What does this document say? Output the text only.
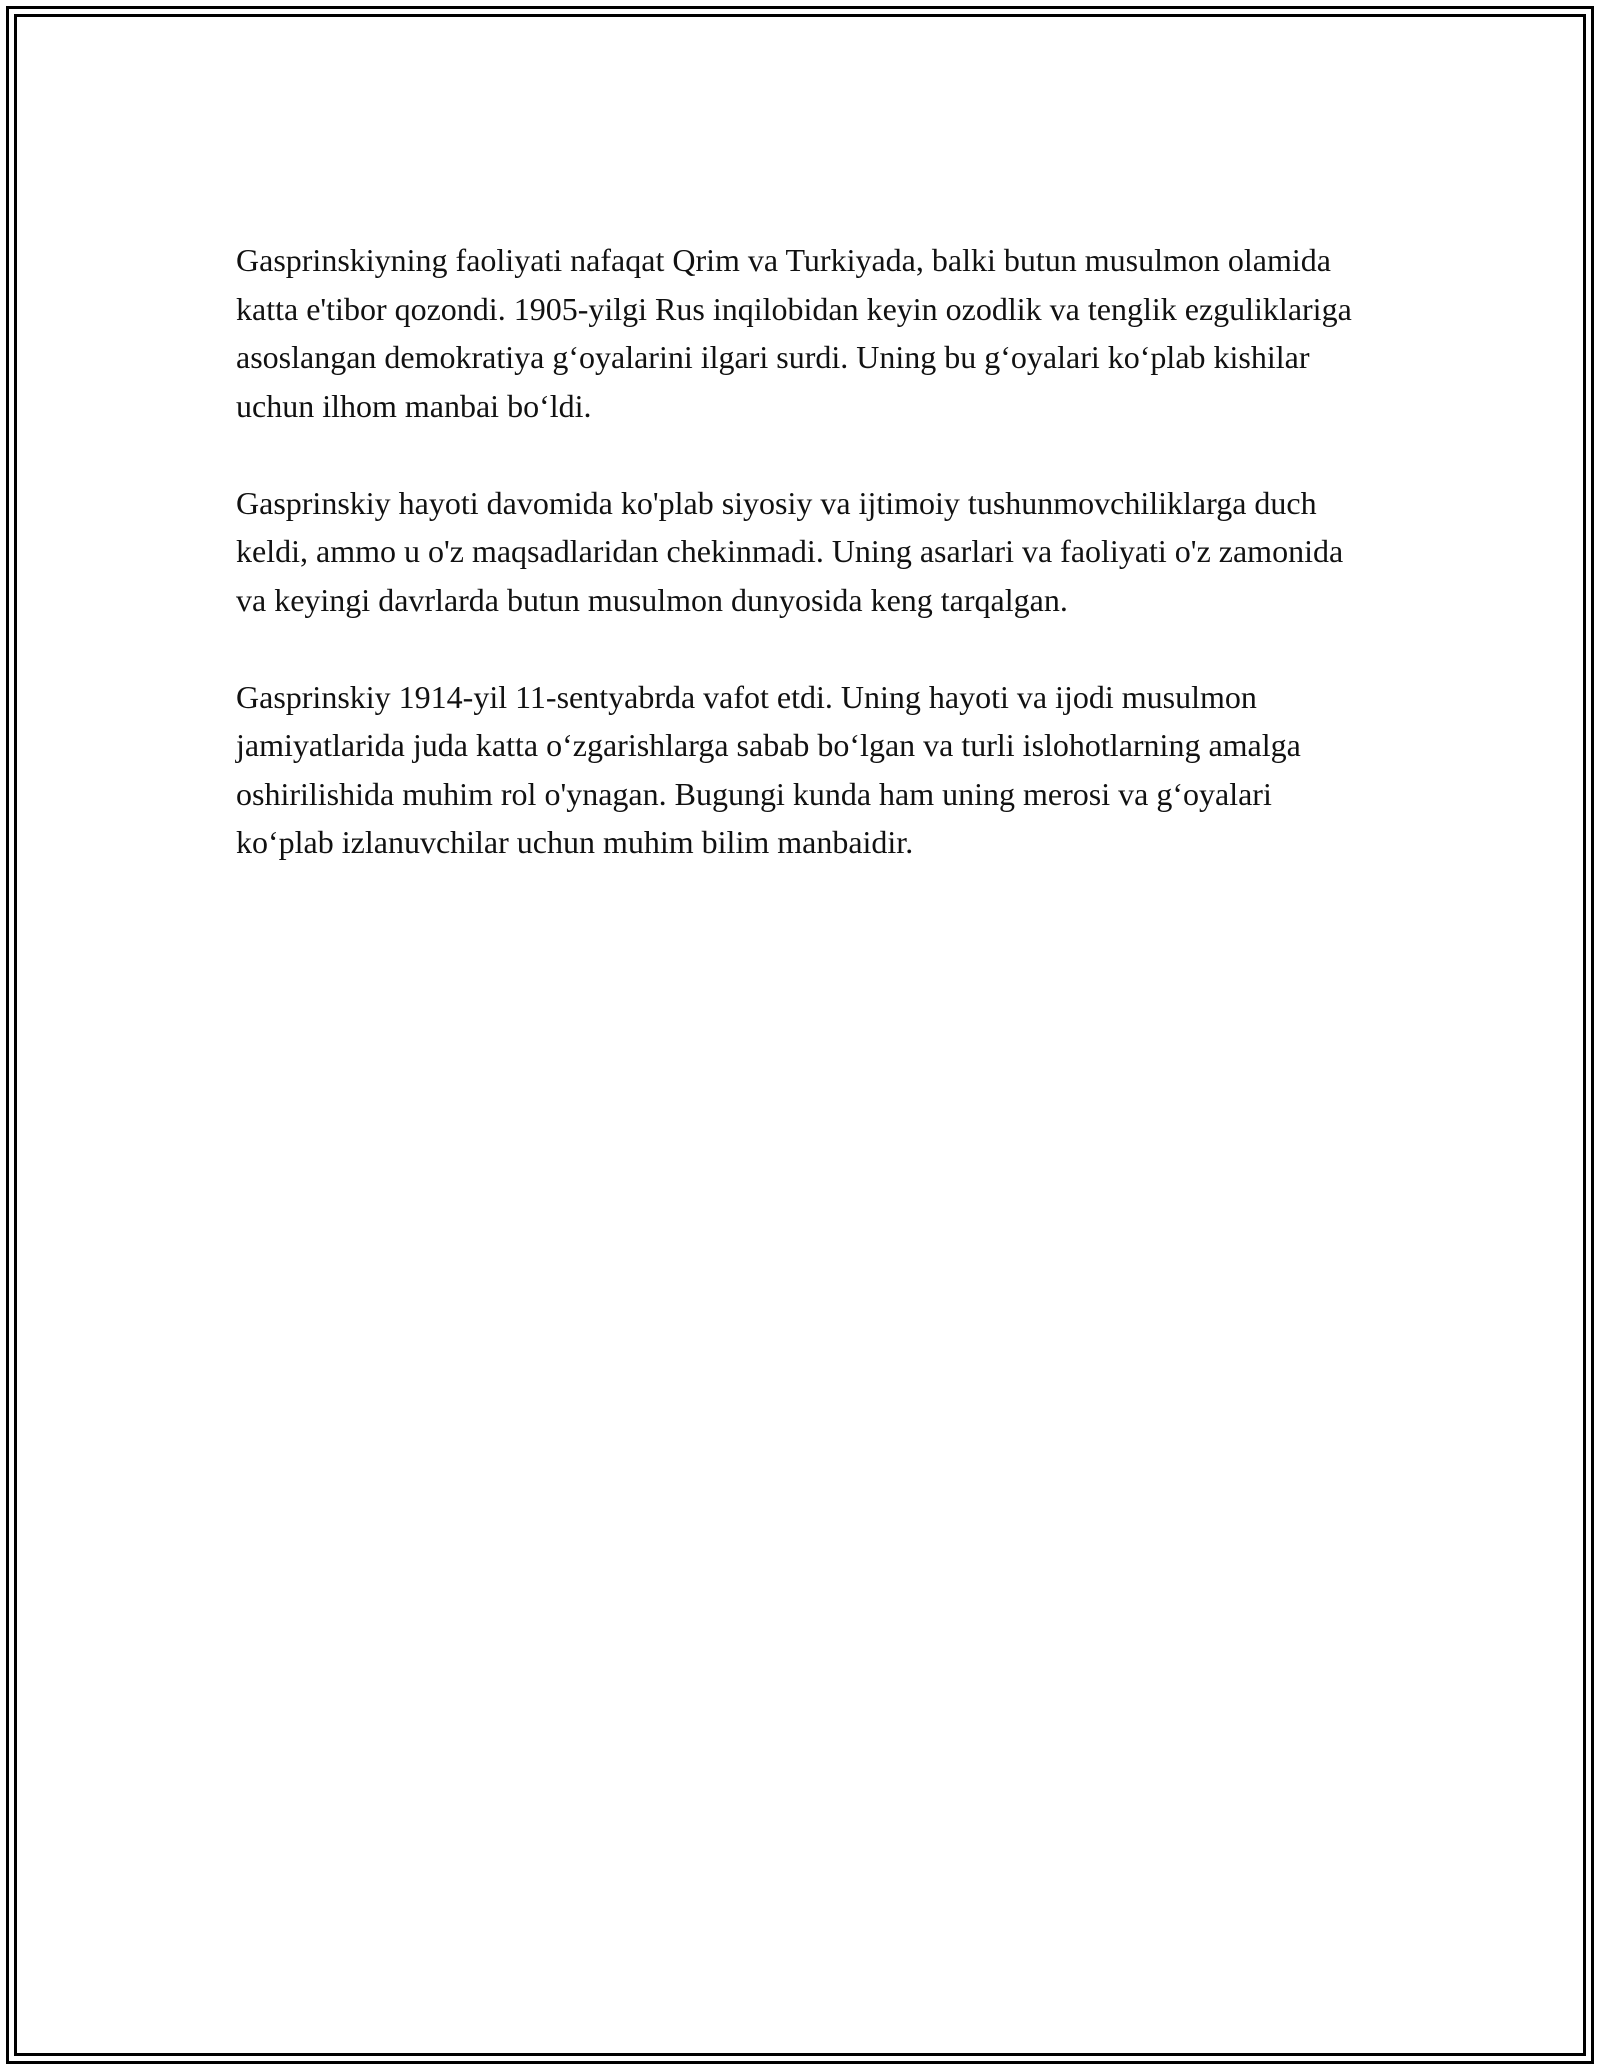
Gasprinskiyning faoliyati nafaqat Qrim va Turkiyada, balki butun musulmon olamida katta e'tibor qozondi. 1905-yilgi Rus inqilobidan keyin ozodlik va tenglik ezguliklariga asoslangan demokratiya g‘oyalarini ilgari surdi. Uning bu g‘oyalari ko‘plab kishilar uchun ilhom manbai bo‘ldi.

Gasprinskiy hayoti davomida ko'plab siyosiy va ijtimoiy tushunmovchiliklarga duch keldi, ammo u o'z maqsadlaridan chekinmadi. Uning asarlari va faoliyati o'z zamonida va keyingi davrlarda butun musulmon dunyosida keng tarqalgan.

Gasprinskiy 1914-yil 11-sentyabrda vafot etdi. Uning hayoti va ijodi musulmon jamiyatlarida juda katta o‘zgarishlarga sabab bo‘lgan va turli islohotlarning amalga oshirilishida muhim rol o'ynagan. Bugungi kunda ham uning merosi va g‘oyalari ko‘plab izlanuvchilar uchun muhim bilim manbaidir.
